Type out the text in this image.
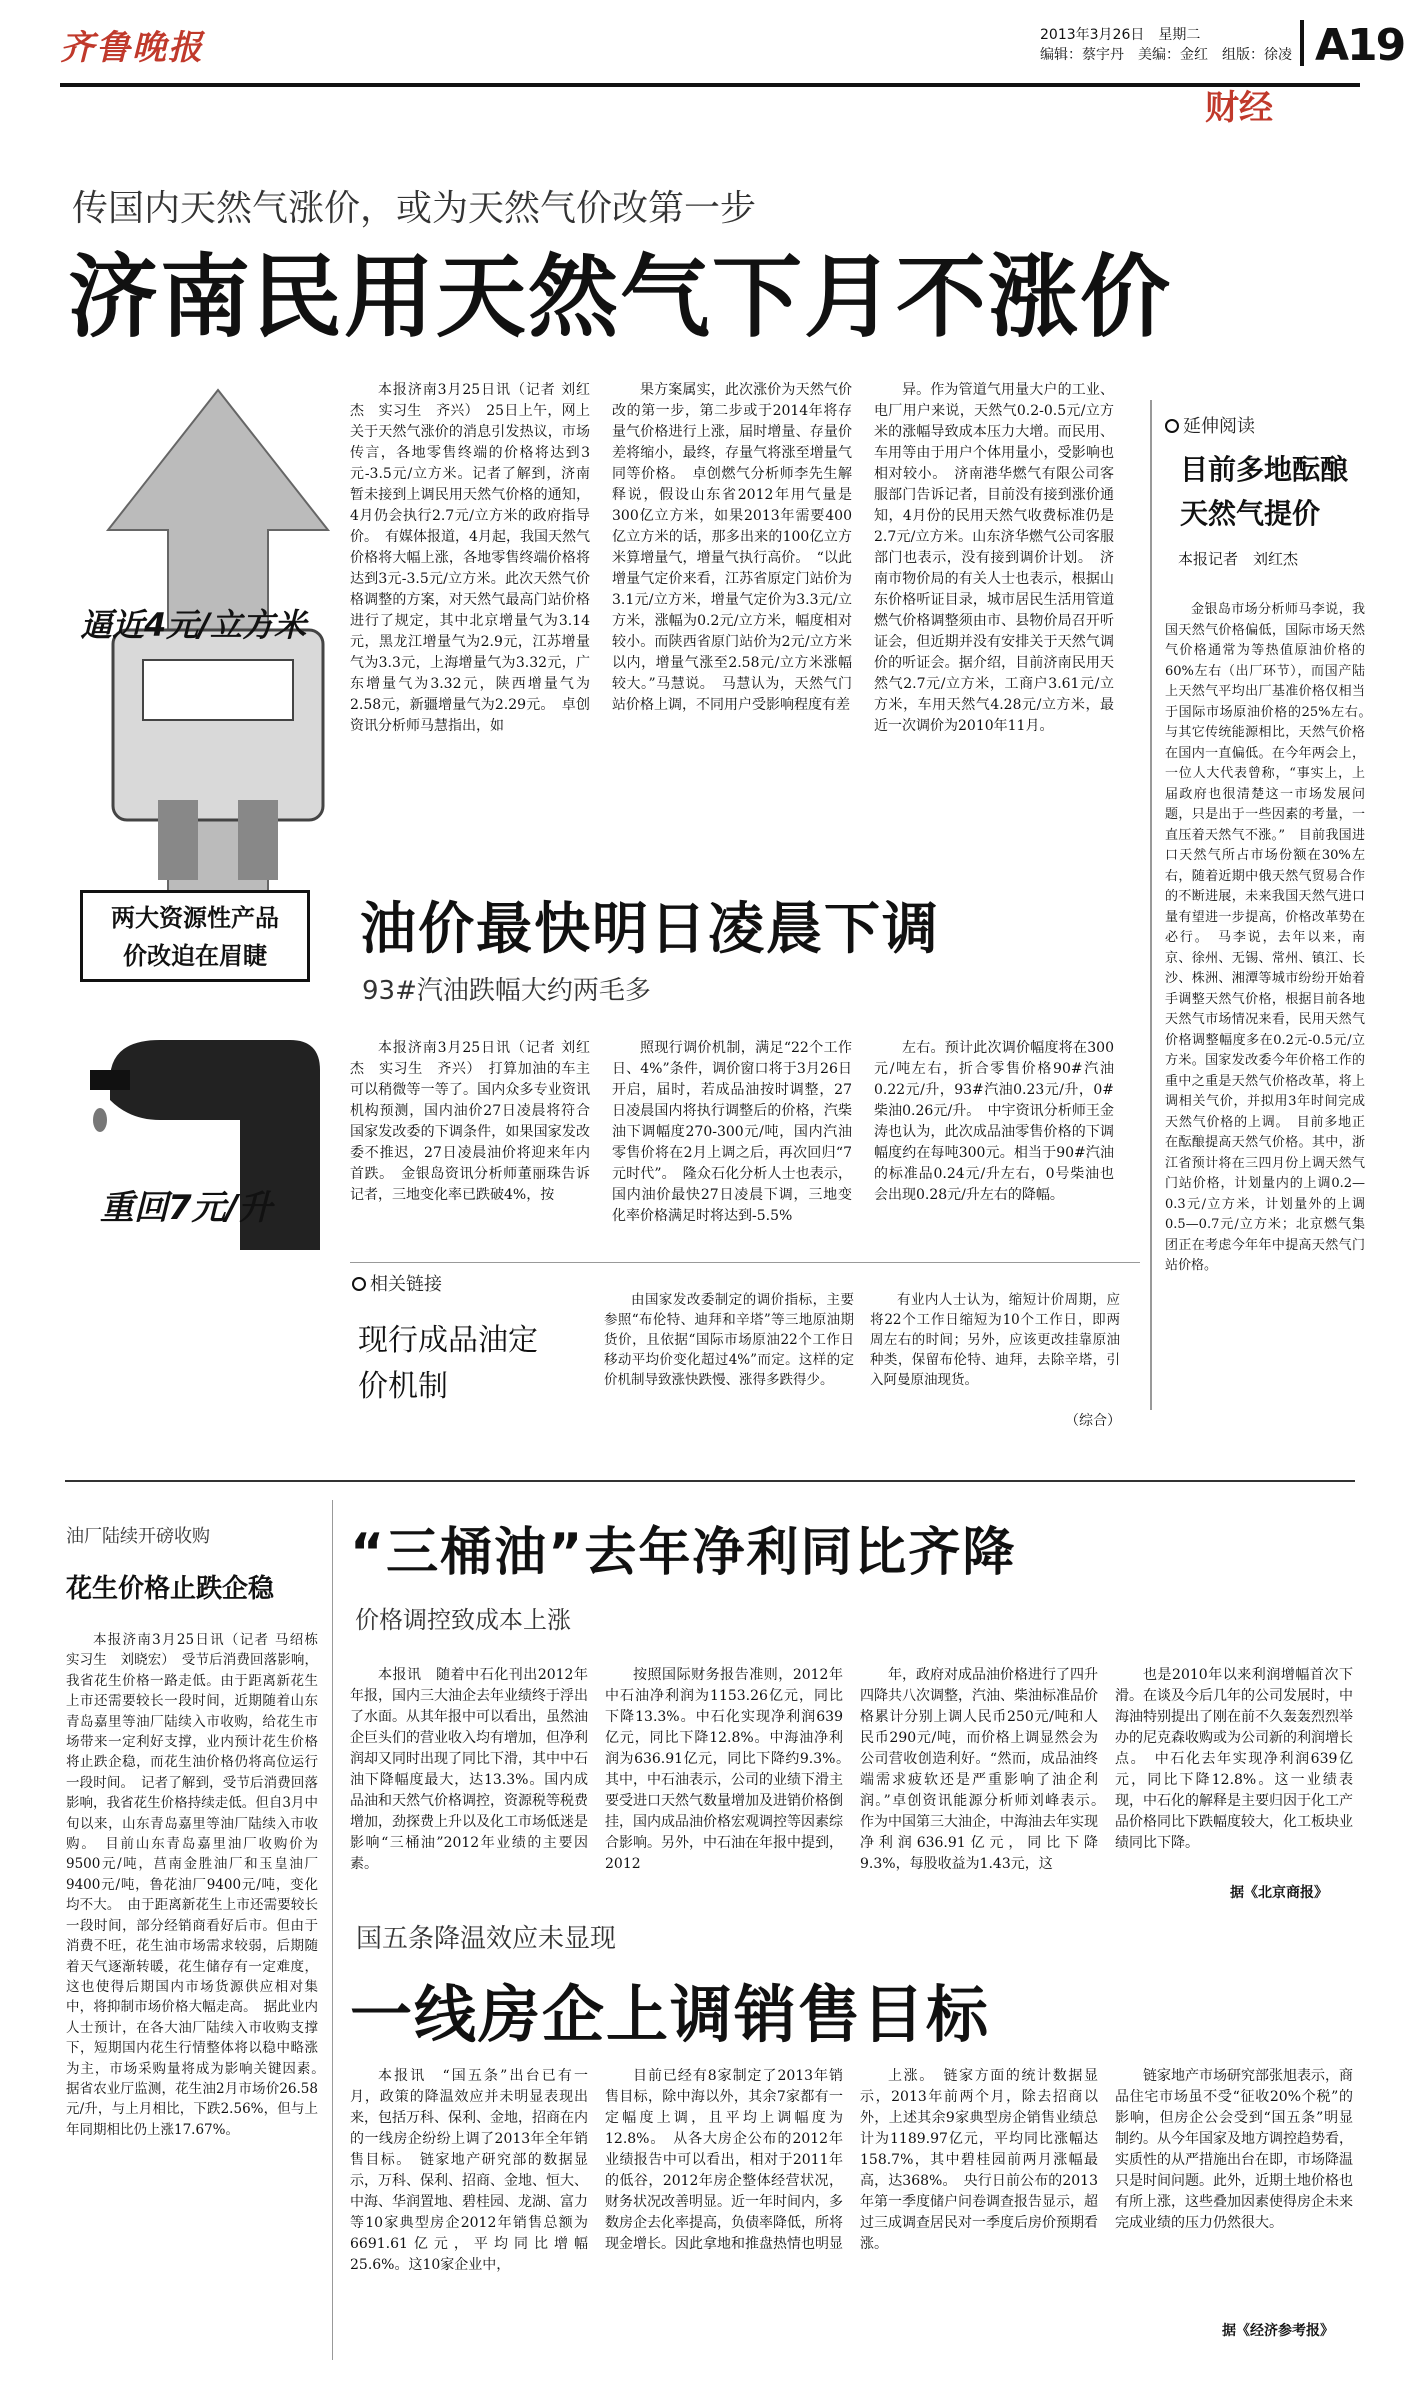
齐鲁晚报	2013年3月26日　星期二
编辑：蔡宇丹　美编：金红　组版：徐凌 A19
财经
传国内天然气涨价，或为天然气价改第一步
济南民用天然气下月不涨价
逼近4元/立方米

本报济南3月25日讯（记者 刘红杰　实习生　齐兴）　25日上午，网上关于天然气涨价的消息引发热议，市场传言，各地零售终端的价格将达到3元-3.5元/立方米。记者了解到，济南暂未接到上调民用天然气价格的通知，4月仍会执行2.7元/立方米的政府指导价。　有媒体报道，4月起，我国天然气价格将大幅上涨，各地零售终端价格将达到3元-3.5元/立方米。此次天然气价格调整的方案，对天然气最高门站价格进行了规定，其中北京增量气为3.14元，黑龙江增量气为2.9元，江苏增量气为3.3元，上海增量气为3.32元，广东增量气为3.32元，陕西增量气为2.58元，新疆增量气为2.29元。　卓创资讯分析师马慧指出，如

果方案属实，此次涨价为天然气价改的第一步，第二步或于2014年将存量气价格进行上涨，届时增量、存量价差将缩小，最终，存量气将涨至增量气同等价格。　卓创燃气分析师李先生解释说，假设山东省2012年用气量是300亿立方米，如果2013年需要400亿立方米的话，那多出来的100亿立方米算增量气，增量气执行高价。　“以此增量气定价来看，江苏省原定门站价为3.1元/立方米，增量气定价为3.3元/立方米，涨幅为0.2元/立方米，幅度相对较小。而陕西省原门站价为2元/立方米以内，增量气涨至2.58元/立方米涨幅较大。”马慧说。　马慧认为，天然气门站价格上调，不同用户受影响程度有差

异。作为管道气用量大户的工业、电厂用户来说，天然气0.2-0.5元/立方米的涨幅导致成本压力大增。而民用、车用等由于用户个体用量小，受影响也相对较小。　济南港华燃气有限公司客服部门告诉记者，目前没有接到涨价通知，4月份的民用天然气收费标准仍是2.7元/立方米。山东济华燃气公司客服部门也表示，没有接到调价计划。　济南市物价局的有关人士也表示，根据山东价格听证目录，城市居民生活用管道燃气价格调整须由市、县物价局召开听证会，但近期并没有安排关于天然气调价的听证会。据介绍，目前济南民用天然气2.7元/立方米，工商户3.61元/立方米，车用天然气4.28元/立方米，最近一次调价为2010年11月。

延伸阅读
目前多地酝酿天然气提价
本报记者　刘红杰

金银岛市场分析师马李说，我国天然气价格偏低，国际市场天然气价格通常为等热值原油价格的60%左右（出厂环节），而国产陆上天然气平均出厂基准价格仅相当于国际市场原油价格的25%左右。　与其它传统能源相比，天然气价格在国内一直偏低。在今年两会上，一位人大代表曾称，“事实上，上届政府也很清楚这一市场发展问题，只是出于一些因素的考量，一直压着天然气不涨。”　目前我国进口天然气所占市场份额在30%左右，随着近期中俄天然气贸易合作的不断进展，未来我国天然气进口量有望进一步提高，价格改革势在必行。　马李说，去年以来，南京、徐州、无锡、常州、镇江、长沙、株洲、湘潭等城市纷纷开始着手调整天然气价格，根据目前各地天然气市场情况来看，民用天然气价格调整幅度多在0.2元-0.5元/立方米。国家发改委今年价格工作的重中之重是天然气价格改革，将上调相关气价，并拟用3年时间完成天然气价格的上调。　目前多地正在酝酿提高天然气价格。其中，浙江省预计将在三四月份上调天然气门站价格，计划量内的上调0.2—0.3元/立方米，计划量外的上调0.5—0.7元/立方米；北京燃气集团正在考虑今年年中提高天然气门站价格。

两大资源性产品
价改迫在眉睫	油价最快明日凌晨下调
93#汽油跌幅大约两毛多
重回7元/升

本报济南3月25日讯（记者 刘红杰　实习生　齐兴）　打算加油的车主可以稍微等一等了。国内众多专业资讯机构预测，国内油价27日凌晨将符合国家发改委的下调条件，如果国家发改委不推迟，27日凌晨油价将迎来年内首跌。　金银岛资讯分析师董丽珠告诉记者，三地变化率已跌破4%，按

照现行调价机制，满足“22个工作日、4%”条件，调价窗口将于3月26日开启，届时，若成品油按时调整，27日凌晨国内将执行调整后的价格，汽柴油下调幅度270-300元/吨，国内汽油零售价将在2月上调之后，再次回归“7元时代”。　隆众石化分析人士也表示，国内油价最快27日凌晨下调，三地变化率价格满足时将达到-5.5%

左右。预计此次调价幅度将在300元/吨左右，折合零售价格90#汽油0.22元/升，93#汽油0.23元/升，0#柴油0.26元/升。　中宇资讯分析师王金涛也认为，此次成品油零售价格的下调幅度约在每吨300元。相当于90#汽油的标准品0.24元/升左右，0号柴油也会出现0.28元/升左右的降幅。

相关链接
现行成品油定价机制

由国家发改委制定的调价指标，主要参照“布伦特、迪拜和辛塔”等三地原油期货价，且依据“国际市场原油22个工作日移动平均价变化超过4%”而定。这样的定价机制导致涨快跌慢、涨得多跌得少。

有业内人士认为，缩短计价周期，应将22个工作日缩短为10个工作日，即两周左右的时间；另外，应该更改挂靠原油种类，保留布伦特、迪拜，去除辛塔，引入阿曼原油现货。

（综合）
油厂陆续开磅收购
花生价格止跌企稳

本报济南3月25日讯（记者 马绍栋　实习生　刘晓宏）　受节后消费回落影响，我省花生价格一路走低。由于距离新花生上市还需要较长一段时间，近期随着山东青岛嘉里等油厂陆续入市收购，给花生市场带来一定利好支撑，业内预计花生价格将止跌企稳，而花生油价格仍将高位运行一段时间。　记者了解到，受节后消费回落影响，我省花生价格持续走低。但自3月中旬以来，山东青岛嘉里等油厂陆续入市收购。　目前山东青岛嘉里油厂收购价为9500元/吨，莒南金胜油厂和玉皇油厂9400元/吨，鲁花油厂9400元/吨，变化均不大。　由于距离新花生上市还需要较长一段时间，部分经销商看好后市。但由于消费不旺，花生油市场需求较弱，后期随着天气逐渐转暖，花生储存有一定难度，这也使得后期国内市场货源供应相对集中，将抑制市场价格大幅走高。　据此业内人士预计，在各大油厂陆续入市收购支撑下，短期国内花生行情整体将以稳中略涨为主，市场采购量将成为影响关键因素。　据省农业厅监测，花生油2月市场价26.58元/升，与上月相比，下跌2.56%，但与上年同期相比仍上涨17.67%。

“三桶油”去年净利同比齐降
价格调控致成本上涨

本报讯　随着中石化刊出2012年年报，国内三大油企去年业绩终于浮出了水面。从其年报中可以看出，虽然油企巨头们的营业收入均有增加，但净利润却又同时出现了同比下滑，其中中石油下降幅度最大，达13.3%。国内成品油和天然气价格调控，资源税等税费增加，劲探费上升以及化工市场低迷是影响“三桶油”2012年业绩的主要因素。

按照国际财务报告准则，2012年中石油净利润为1153.26亿元，同比下降13.3%。中石化实现净利润639亿元，同比下降12.8%。中海油净利润为636.91亿元，同比下降约9.3%。　其中，中石油表示，公司的业绩下滑主要受进口天然气数量增加及进销价格倒挂，国内成品油价格宏观调控等因素综合影响。另外，中石油在年报中提到，2012

年，政府对成品油价格进行了四升四降共八次调整，汽油、柴油标准品价格累计分别上调人民币250元/吨和人民币290元/吨，而价格上调显然会为公司营收创造利好。“然而，成品油终端需求疲软还是严重影响了油企利润。”卓创资讯能源分析师刘峰表示。　作为中国第三大油企，中海油去年实现净利润636.91亿元，同比下降9.3%，每股收益为1.43元，这

也是2010年以来利润增幅首次下滑。在谈及今后几年的公司发展时，中海油特别提出了刚在前不久轰轰烈烈举办的尼克森收购或为公司新的利润增长点。　中石化去年实现净利润639亿元，同比下降12.8%。这一业绩表现，中石化的解释是主要归因于化工产品价格同比下跌幅度较大，化工板块业绩同比下降。

据《北京商报》
国五条降温效应未显现
一线房企上调销售目标

本报讯　“国五条”出台已有一月，政策的降温效应并未明显表现出来，包括万科、保利、金地，招商在内的一线房企纷纷上调了2013年全年销售目标。　链家地产研究部的数据显示，万科、保利、招商、金地、恒大、中海、华润置地、碧桂园、龙湖、富力等10家典型房企2012年销售总额为6691.61亿元，平均同比增幅25.6%。这10家企业中，

目前已经有8家制定了2013年销售目标，除中海以外，其余7家都有一定幅度上调，且平均上调幅度为12.8%。　从各大房企公布的2012年业绩报告中可以看出，相对于2011年的低谷，2012年房企整体经营状况，财务状况改善明显。近一年时间内，多数房企去化率提高，负债率降低，所将现金增长。因此拿地和推盘热情也明显

上涨。　链家方面的统计数据显示，2013年前两个月，除去招商以外，上述其余9家典型房企销售业绩总计为1189.97亿元，平均同比涨幅达158.7%，其中碧桂园前两月涨幅最高，达368%。　央行日前公布的2013年第一季度储户问卷调查报告显示，超过三成调查居民对一季度后房价预期看涨。

链家地产市场研究部张旭表示，商品住宅市场虽不受“征收20%个税”的影响，但房企公会受到“国五条”明显制约。从今年国家及地方调控趋势看，实质性的从严措施出台在即，市场降温只是时间问题。此外，近期土地价格也有所上涨，这些叠加因素使得房企未来完成业绩的压力仍然很大。

据《经济参考报》
